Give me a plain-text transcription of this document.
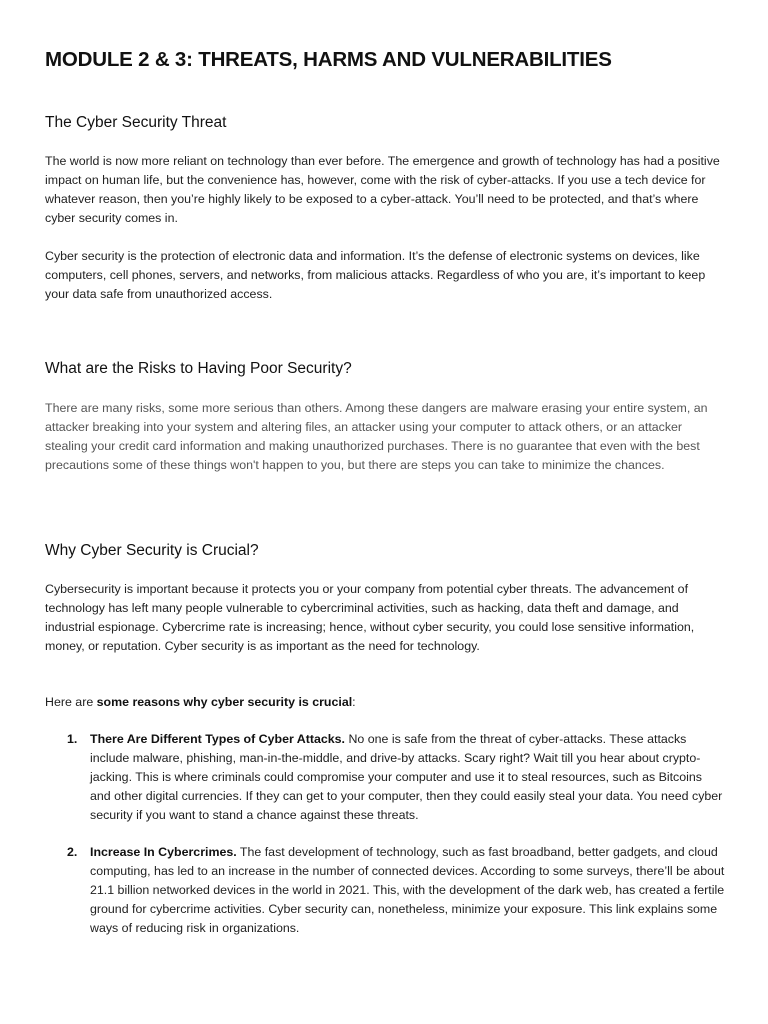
MODULE 2 & 3: THREATS, HARMS AND VULNERABILITIES
The Cyber Security Threat

The world is now more reliant on technology than ever before. The emergence and growth of technology has had a positive impact on human life, but the convenience has, however, come with the risk of cyber-attacks. If you use a tech device for whatever reason, then you’re highly likely to be exposed to a cyber-attack. You’ll need to be protected, and that’s where cyber security comes in.

Cyber security is the protection of electronic data and information. It’s the defense of electronic systems on devices, like computers, cell phones, servers, and networks, from malicious attacks. Regardless of who you are, it’s important to keep your data safe from unauthorized access.

What are the Risks to Having Poor Security?

There are many risks, some more serious than others. Among these dangers are malware erasing your entire system, an attacker breaking into your system and altering files, an attacker using your computer to attack others, or an attacker stealing your credit card information and making unauthorized purchases. There is no guarantee that even with the best precautions some of these things won't happen to you, but there are steps you can take to minimize the chances.

Why Cyber Security is Crucial?

Cybersecurity is important because it protects you or your company from potential cyber threats. The advancement of technology has left many people vulnerable to cybercriminal activities, such as hacking, data theft and damage, and industrial espionage. Cybercrime rate is increasing; hence, without cyber security, you could lose sensitive information, money, or reputation. Cyber security is as important as the need for technology.

Here are some reasons why cyber security is crucial:

1. There Are Different Types of Cyber Attacks. No one is safe from the threat of cyber-attacks. These attacks include malware, phishing, man-in-the-middle, and drive-by attacks. Scary right? Wait till you hear about crypto-jacking. This is where criminals could compromise your computer and use it to steal resources, such as Bitcoins and other digital currencies. If they can get to your computer, then they could easily steal your data. You need cyber security if you want to stand a chance against these threats.

2. Increase In Cybercrimes. The fast development of technology, such as fast broadband, better gadgets, and cloud computing, has led to an increase in the number of connected devices. According to some surveys, there’ll be about 21.1 billion networked devices in the world in 2021. This, with the development of the dark web, has created a fertile ground for cybercrime activities. Cyber security can, nonetheless, minimize your exposure. This link explains some ways of reducing risk in organizations.
